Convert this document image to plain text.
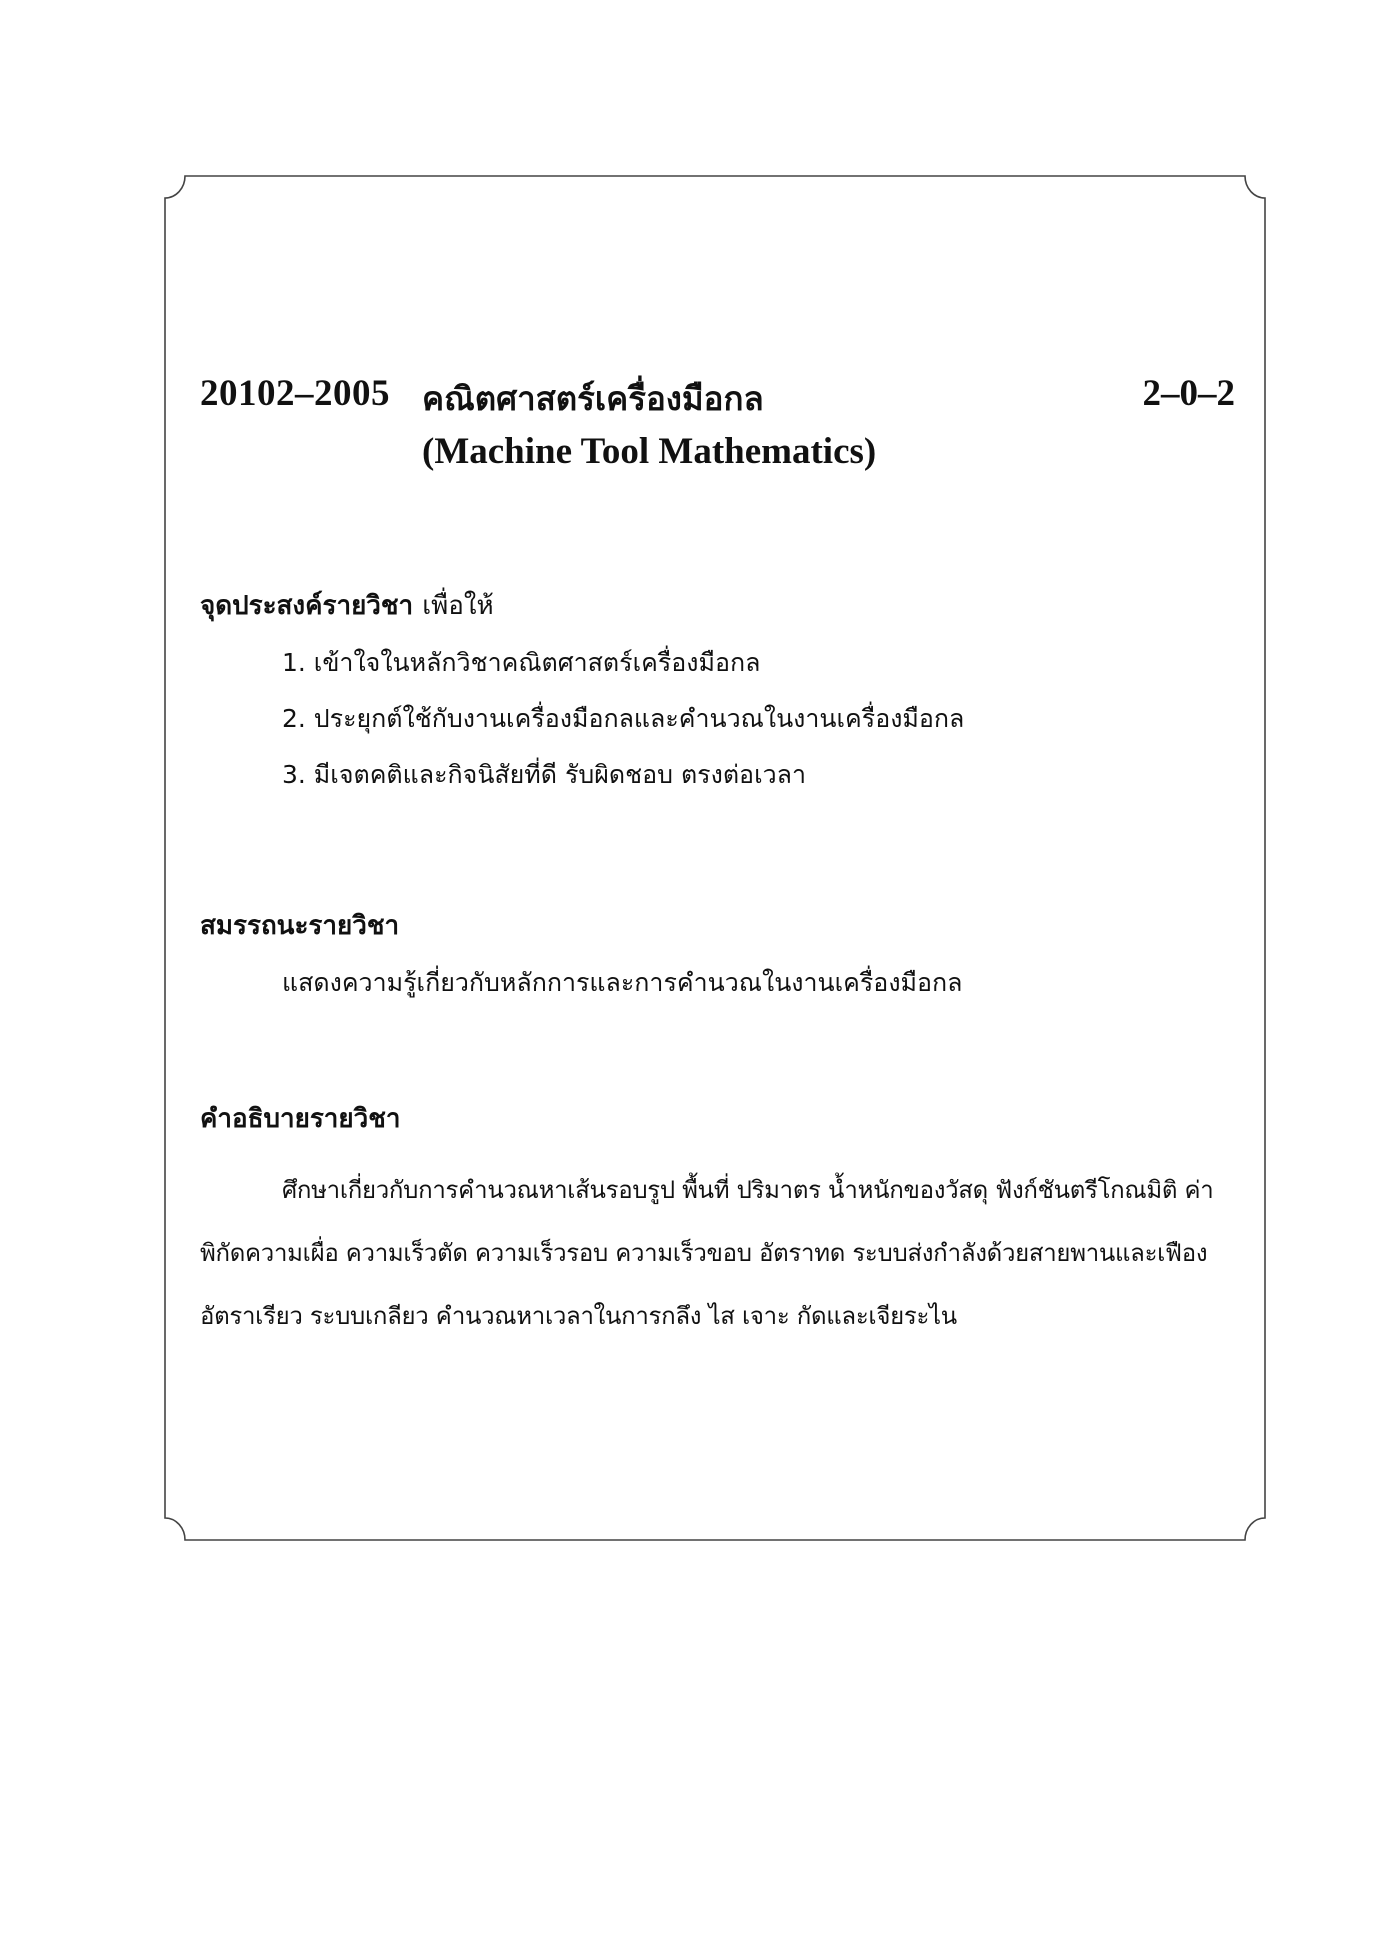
20102–2005 คณิตศาสตร์เครื่องมือกล
(Machine Tool Mathematics)
2–0–2
จุดประสงค์รายวิชา เพื่อให้
1. เข้าใจในหลักวิชาคณิตศาสตร์เครื่องมือกล
2. ประยุกต์ใช้กับงานเครื่องมือกลและคำนวณในงานเครื่องมือกล
3. มีเจตคติและกิจนิสัยที่ดี รับผิดชอบ ตรงต่อเวลา
สมรรถนะรายวิชา
แสดงความรู้เกี่ยวกับหลักการและการคำนวณในงานเครื่องมือกล
คำอธิบายรายวิชา

ศึกษาเกี่ยวกับการคำนวณหาเส้นรอบรูป พื้นที่ ปริมาตร น้ำหนักของวัสดุ ฟังก์ชันตรีโกณมิติ ค่าพิกัดความเผื่อ ความเร็วตัด ความเร็วรอบ ความเร็วขอบ อัตราทด ระบบส่งกำลังด้วยสายพานและเฟือง อัตราเรียว ระบบเกลียว คำนวณหาเวลาในการกลึง ไส เจาะ กัดและเจียระไน
